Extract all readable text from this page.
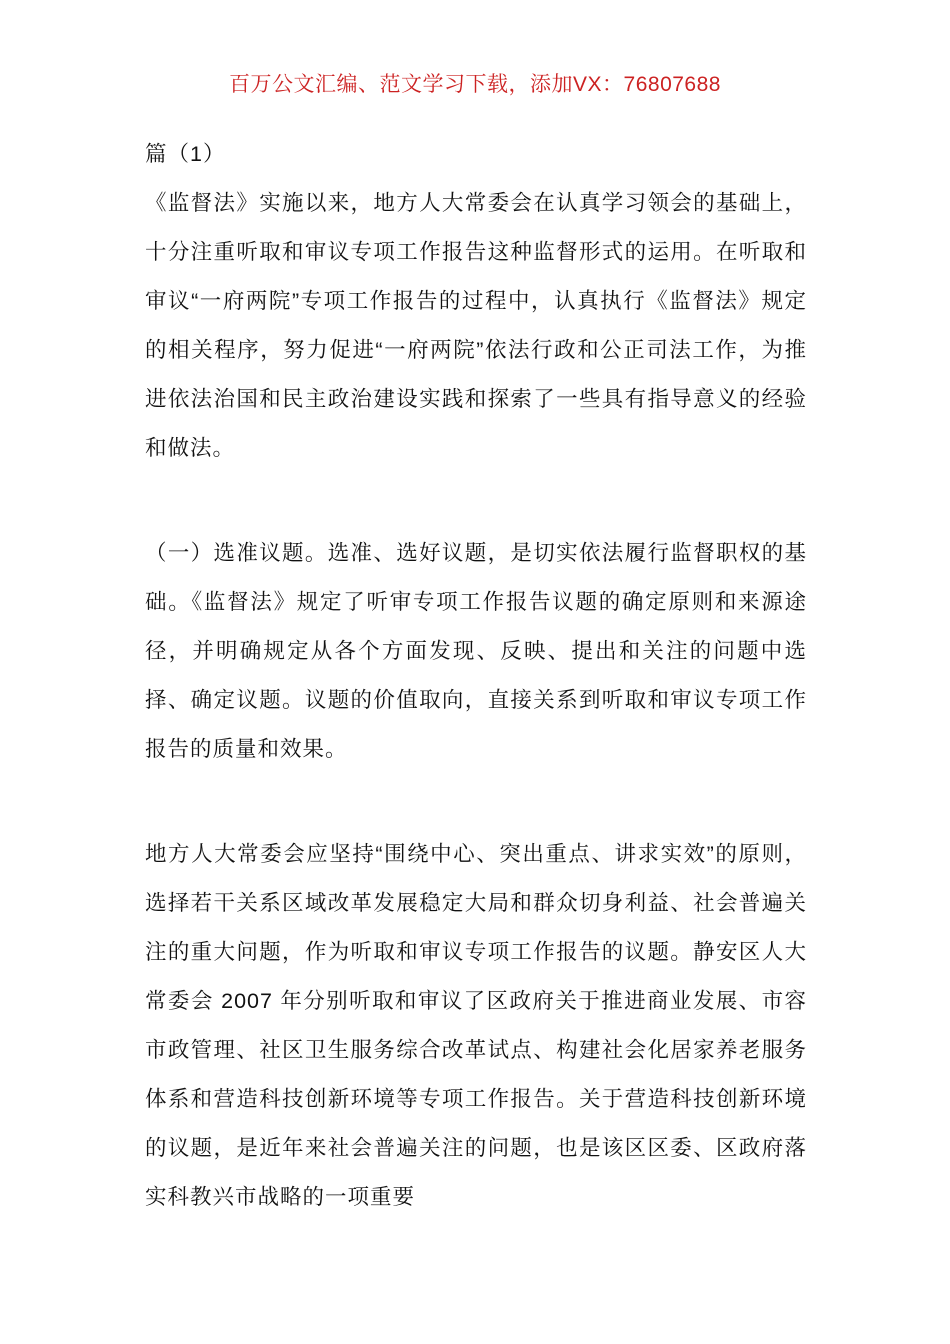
百万公文汇编、范文学习下载，添加VX：76807688

篇（1）

《监督法》实施以来，地方人大常委会在认真学习领会的基础上，十分注重听取和审议专项工作报告这种监督形式的运用。在听取和审议“一府两院”专项工作报告的过程中，认真执行《监督法》规定的相关程序，努力促进“一府两院”依法行政和公正司法工作，为推进依法治国和民主政治建设实践和探索了一些具有指导意义的经验和做法。

（一）选准议题。选准、选好议题，是切实依法履行监督职权的基础。《监督法》规定了听审专项工作报告议题的确定原则和来源途径，并明确规定从各个方面发现、反映、提出和关注的问题中选择、确定议题。议题的价值取向，直接关系到听取和审议专项工作报告的质量和效果。

地方人大常委会应坚持“围绕中心、突出重点、讲求实效”的原则，选择若干关系区域改革发展稳定大局和群众切身利益、社会普遍关注的重大问题，作为听取和审议专项工作报告的议题。静安区人大常委会 2007 年分别听取和审议了区政府关于推进商业发展、市容市政管理、社区卫生服务综合改革试点、构建社会化居家养老服务体系和营造科技创新环境等专项工作报告。关于营造科技创新环境的议题，是近年来社会普遍关注的问题，也是该区区委、区政府落实科教兴市战略的一项重要
